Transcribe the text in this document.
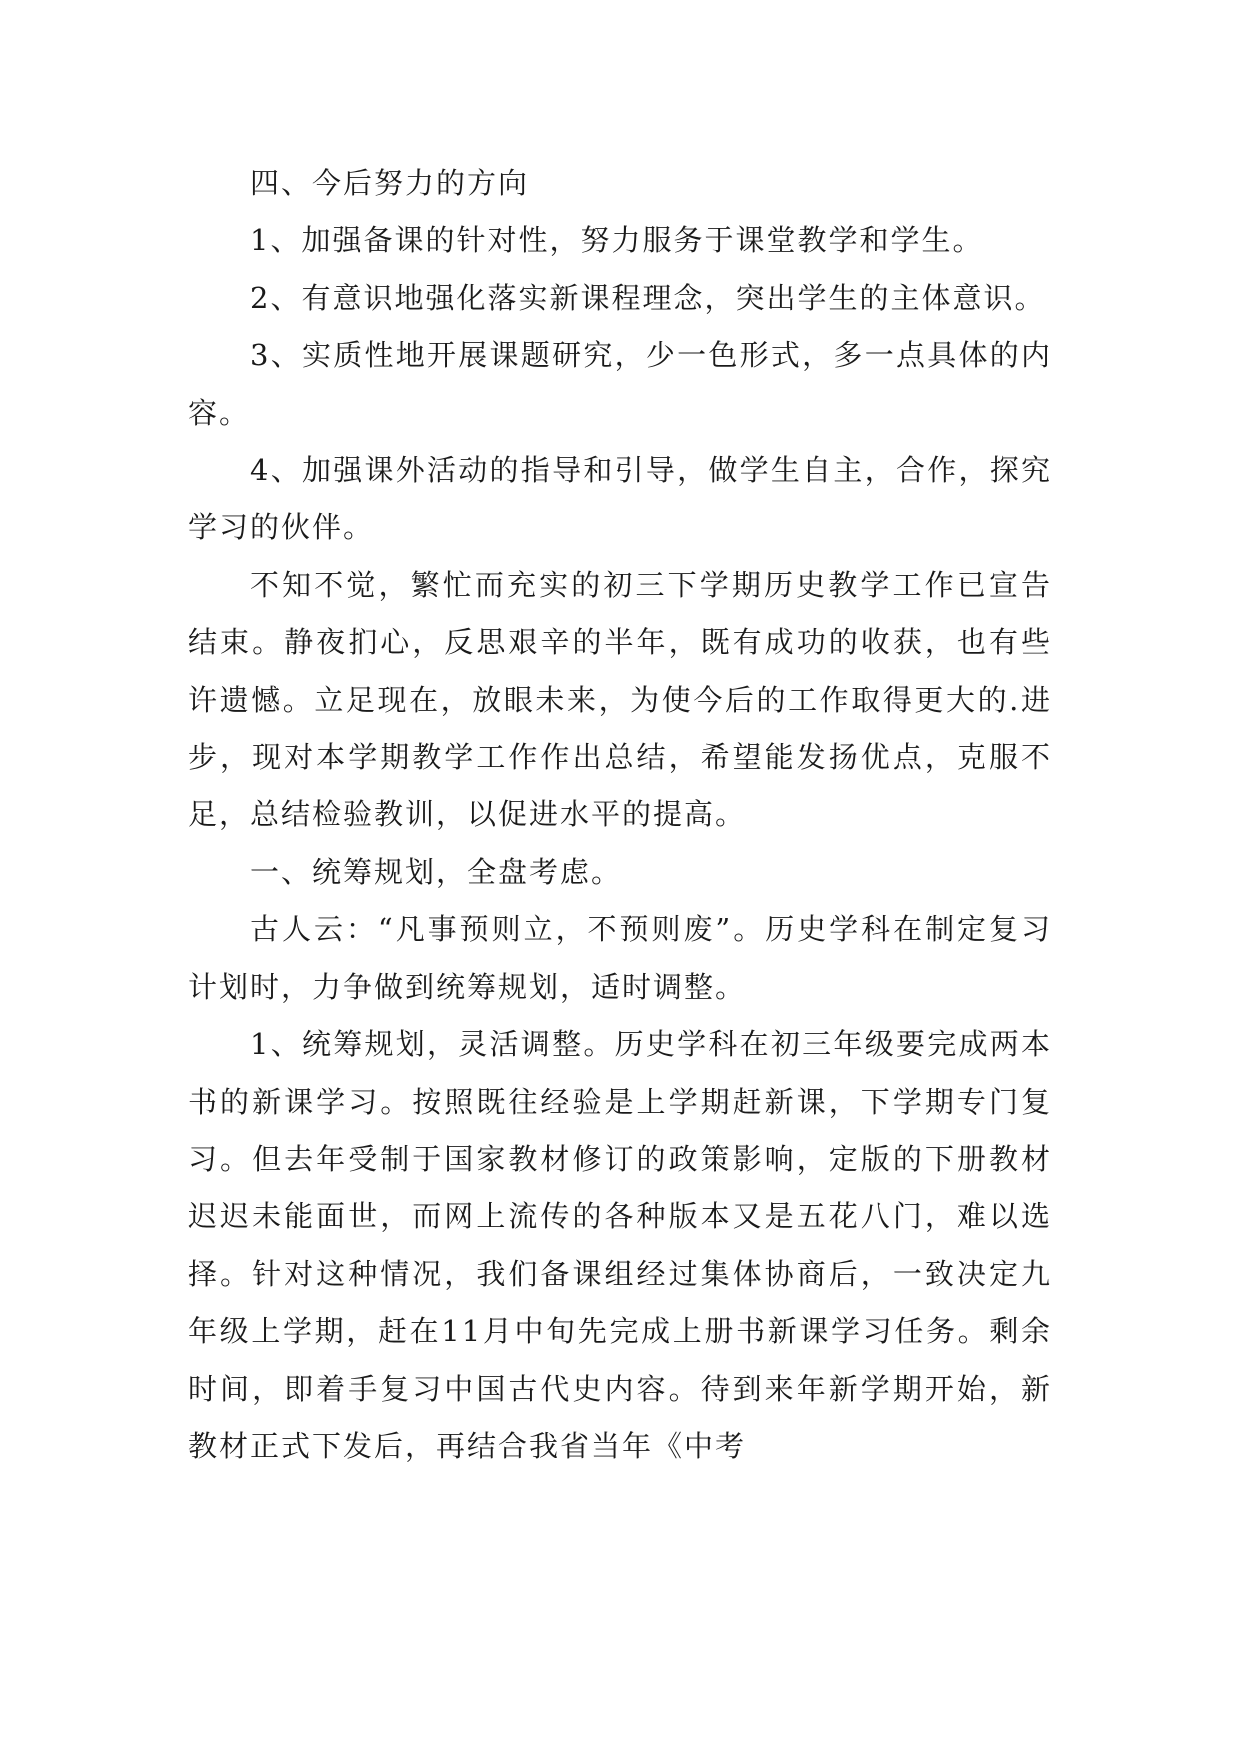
四、今后努力的方向

1、加强备课的针对性，努力服务于课堂教学和学生。

2、有意识地强化落实新课程理念，突出学生的主体意识。

3、实质性地开展课题研究，少一色形式，多一点具体的内容。

4、加强课外活动的指导和引导，做学生自主，合作，探究学习的伙伴。

不知不觉，繁忙而充实的初三下学期历史教学工作已宣告结束。静夜扪心，反思艰辛的半年，既有成功的收获，也有些许遗憾。立足现在，放眼未来，为使今后的工作取得更大的.进步，现对本学期教学工作作出总结，希望能发扬优点，克服不足，总结检验教训，以促进水平的提高。

一、统筹规划，全盘考虑。

古人云：“凡事预则立，不预则废”。历史学科在制定复习计划时，力争做到统筹规划，适时调整。

1、统筹规划，灵活调整。历史学科在初三年级要完成两本书的新课学习。按照既往经验是上学期赶新课，下学期专门复习。但去年受制于国家教材修订的政策影响，定版的下册教材迟迟未能面世，而网上流传的各种版本又是五花八门，难以选择。针对这种情况，我们备课组经过集体协商后，一致决定九年级上学期，赶在11月中旬先完成上册书新课学习任务。剩余时间，即着手复习中国古代史内容。待到来年新学期开始，新教材正式下发后，再结合我省当年《中考
